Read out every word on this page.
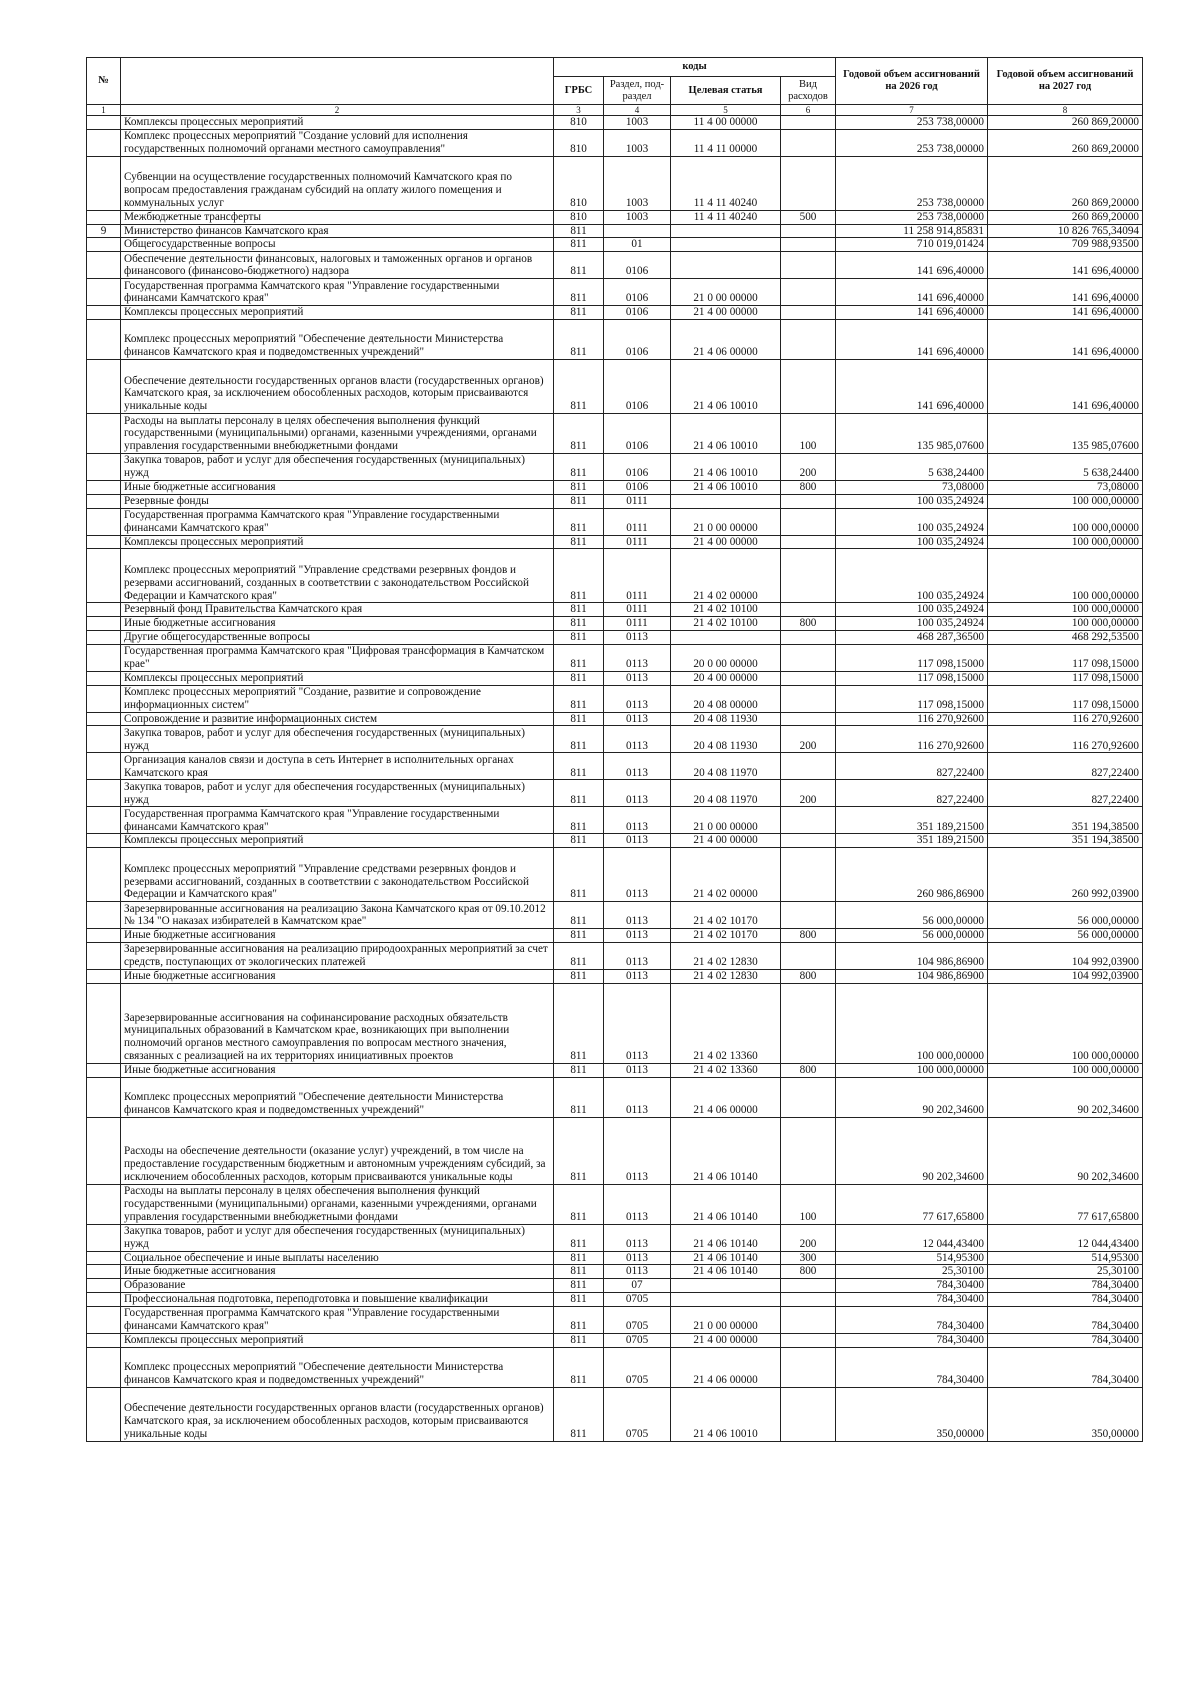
№		коды				Годовой объем ассигнований на 2026 год	Годовой объем ассигнований на 2027 год
		ГРБС	Раздел, под-раздел	Целевая статья	Вид расходов		
1	2	3	4	5	6	7	8
	Комплексы процессных мероприятий	810	1003	11 4 00 00000		253 738,00000	260 869,20000
	Комплекс процессных мероприятий "Создание условий для исполнения государственных полномочий органами местного самоуправления"	810	1003	11 4 11 00000		253 738,00000	260 869,20000
	Субвенции на осуществление государственных полномочий Камчатского края по вопросам предоставления гражданам субсидий на оплату жилого помещения и коммунальных услуг	810	1003	11 4 11 40240		253 738,00000	260 869,20000
	Межбюджетные трансферты	810	1003	11 4 11 40240	500	253 738,00000	260 869,20000
9	Министерство финансов Камчатского края	811				11 258 914,85831	10 826 765,34094
	Общегосударственные вопросы	811	01			710 019,01424	709 988,93500
	Обеспечение деятельности финансовых, налоговых и таможенных органов и органов финансового (финансово-бюджетного) надзора	811	0106			141 696,40000	141 696,40000
	Государственная программа Камчатского края "Управление государственными финансами Камчатского края"	811	0106	21 0 00 00000		141 696,40000	141 696,40000
	Комплексы процессных мероприятий	811	0106	21 4 00 00000		141 696,40000	141 696,40000
	Комплекс процессных мероприятий "Обеспечение деятельности Министерства финансов Камчатского края и подведомственных учреждений"	811	0106	21 4 06 00000		141 696,40000	141 696,40000
	Обеспечение деятельности государственных органов власти (государственных органов) Камчатского края, за исключением обособленных расходов, которым присваиваются уникальные коды	811	0106	21 4 06 10010		141 696,40000	141 696,40000
	Расходы на выплаты персоналу в целях обеспечения выполнения функций государственными (муниципальными) органами, казенными учреждениями, органами управления государственными внебюджетными фондами	811	0106	21 4 06 10010	100	135 985,07600	135 985,07600
	Закупка товаров, работ и услуг для обеспечения государственных (муниципальных) нужд	811	0106	21 4 06 10010	200	5 638,24400	5 638,24400
	Иные бюджетные ассигнования	811	0106	21 4 06 10010	800	73,08000	73,08000
	Резервные фонды	811	0111			100 035,24924	100 000,00000
	Государственная программа Камчатского края "Управление государственными финансами Камчатского края"	811	0111	21 0 00 00000		100 035,24924	100 000,00000
	Комплексы процессных мероприятий	811	0111	21 4 00 00000		100 035,24924	100 000,00000
	Комплекс процессных мероприятий "Управление средствами резервных фондов и резервами ассигнований, созданных в соответствии с законодательством Российской Федерации и Камчатского края"	811	0111	21 4 02 00000		100 035,24924	100 000,00000
	Резервный фонд Правительства Камчатского края	811	0111	21 4 02 10100		100 035,24924	100 000,00000
	Иные бюджетные ассигнования	811	0111	21 4 02 10100	800	100 035,24924	100 000,00000
	Другие общегосударственные вопросы	811	0113			468 287,36500	468 292,53500
	Государственная программа Камчатского края "Цифровая трансформация в Камчатском крае"	811	0113	20 0 00 00000		117 098,15000	117 098,15000
	Комплексы процессных мероприятий	811	0113	20 4 00 00000		117 098,15000	117 098,15000
	Комплекс процессных мероприятий "Создание, развитие и сопровождение информационных систем"	811	0113	20 4 08 00000		117 098,15000	117 098,15000
	Сопровождение и развитие информационных систем	811	0113	20 4 08 11930		116 270,92600	116 270,92600
	Закупка товаров, работ и услуг для обеспечения государственных (муниципальных) нужд	811	0113	20 4 08 11930	200	116 270,92600	116 270,92600
	Организация каналов связи и доступа в сеть Интернет в исполнительных органах Камчатского края	811	0113	20 4 08 11970		827,22400	827,22400
	Закупка товаров, работ и услуг для обеспечения государственных (муниципальных) нужд	811	0113	20 4 08 11970	200	827,22400	827,22400
	Государственная программа Камчатского края "Управление государственными финансами Камчатского края"	811	0113	21 0 00 00000		351 189,21500	351 194,38500
	Комплексы процессных мероприятий	811	0113	21 4 00 00000		351 189,21500	351 194,38500
	Комплекс процессных мероприятий "Управление средствами резервных фондов и резервами ассигнований, созданных в соответствии с законодательством Российской Федерации и Камчатского края"	811	0113	21 4 02 00000		260 986,86900	260 992,03900
	Зарезервированные ассигнования на реализацию Закона Камчатского края от 09.10.2012 № 134 "О наказах избирателей в Камчатском крае"	811	0113	21 4 02 10170		56 000,00000	56 000,00000
	Иные бюджетные ассигнования	811	0113	21 4 02 10170	800	56 000,00000	56 000,00000
	Зарезервированные ассигнования на реализацию природоохранных мероприятий за счет средств, поступающих от экологических платежей	811	0113	21 4 02 12830		104 986,86900	104 992,03900
	Иные бюджетные ассигнования	811	0113	21 4 02 12830	800	104 986,86900	104 992,03900
	Зарезервированные ассигнования на софинансирование расходных обязательств муниципальных образований в Камчатском крае, возникающих при выполнении полномочий органов местного самоуправления по вопросам местного значения, связанных с реализацией на их территориях инициативных проектов	811	0113	21 4 02 13360		100 000,00000	100 000,00000
	Иные бюджетные ассигнования	811	0113	21 4 02 13360	800	100 000,00000	100 000,00000
	Комплекс процессных мероприятий "Обеспечение деятельности Министерства финансов Камчатского края и подведомственных учреждений"	811	0113	21 4 06 00000		90 202,34600	90 202,34600
	Расходы на обеспечение деятельности (оказание услуг) учреждений, в том числе на предоставление государственным бюджетным и автономным учреждениям субсидий, за исключением обособленных расходов, которым присваиваются уникальные коды	811	0113	21 4 06 10140		90 202,34600	90 202,34600
	Расходы на выплаты персоналу в целях обеспечения выполнения функций государственными (муниципальными) органами, казенными учреждениями, органами управления государственными внебюджетными фондами	811	0113	21 4 06 10140	100	77 617,65800	77 617,65800
	Закупка товаров, работ и услуг для обеспечения государственных (муниципальных) нужд	811	0113	21 4 06 10140	200	12 044,43400	12 044,43400
	Социальное обеспечение и иные выплаты населению	811	0113	21 4 06 10140	300	514,95300	514,95300
	Иные бюджетные ассигнования	811	0113	21 4 06 10140	800	25,30100	25,30100
	Образование	811	07			784,30400	784,30400
	Профессиональная подготовка, переподготовка и повышение квалификации	811	0705			784,30400	784,30400
	Государственная программа Камчатского края "Управление государственными финансами Камчатского края"	811	0705	21 0 00 00000		784,30400	784,30400
	Комплексы процессных мероприятий	811	0705	21 4 00 00000		784,30400	784,30400
	Комплекс процессных мероприятий "Обеспечение деятельности Министерства финансов Камчатского края и подведомственных учреждений"	811	0705	21 4 06 00000		784,30400	784,30400
	Обеспечение деятельности государственных органов власти (государственных органов) Камчатского края, за исключением обособленных расходов, которым присваиваются уникальные коды	811	0705	21 4 06 10010		350,00000	350,00000
